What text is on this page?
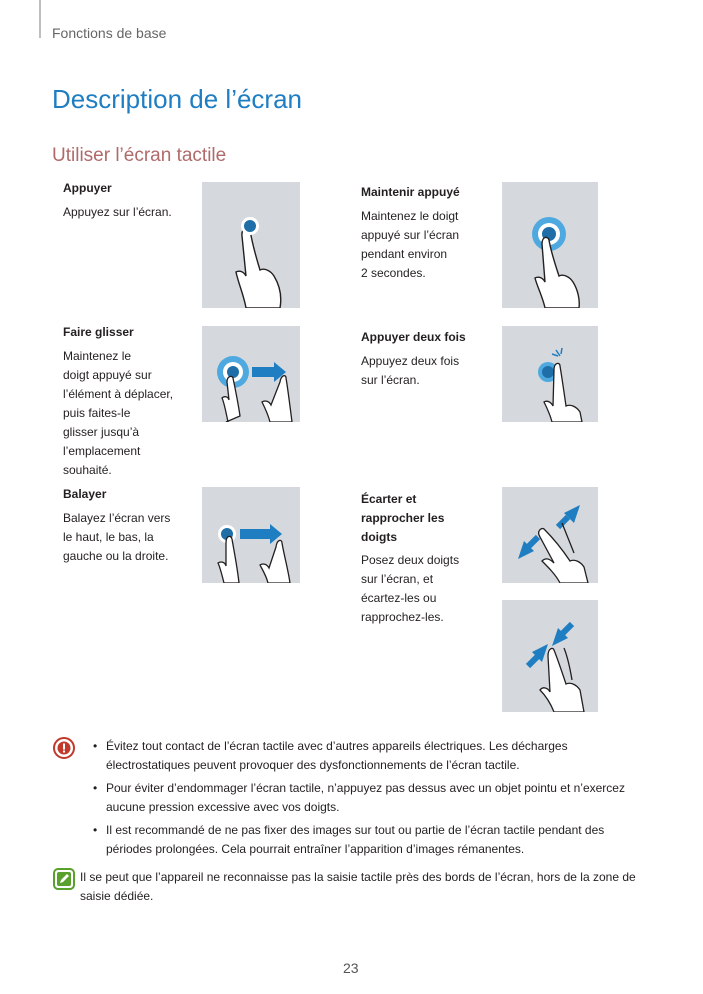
Fonctions de base
Description de l’écran
Utiliser l’écran tactile
Appuyer
Appuyez sur l’écran.
Maintenir appuyé
Maintenez le doigt
appuyé sur l’écran
pendant environ
2 secondes.
Faire glisser
Maintenez le
doigt appuyé sur
l’élément à déplacer,
puis faites-le
glisser jusqu’à
l’emplacement
souhaité.
Appuyer deux fois
Appuyez deux fois
sur l’écran.
Balayer
Balayez l’écran vers
le haut, le bas, la
gauche ou la droite.
Écarter et
rapprocher les
doigts
Posez deux doigts
sur l’écran, et
écartez-les ou
rapprochez-les.
• Évitez tout contact de l’écran tactile avec d’autres appareils électriques. Les décharges
électrostatiques peuvent provoquer des dysfonctionnements de l’écran tactile.
• Pour éviter d’endommager l’écran tactile, n’appuyez pas dessus avec un objet pointu et n’exercez
aucune pression excessive avec vos doigts.
• Il est recommandé de ne pas fixer des images sur tout ou partie de l’écran tactile pendant des
périodes prolongées. Cela pourrait entraîner l’apparition d’images rémanentes.
Il se peut que l’appareil ne reconnaisse pas la saisie tactile près des bords de l’écran, hors de la zone de
saisie dédiée.
23
